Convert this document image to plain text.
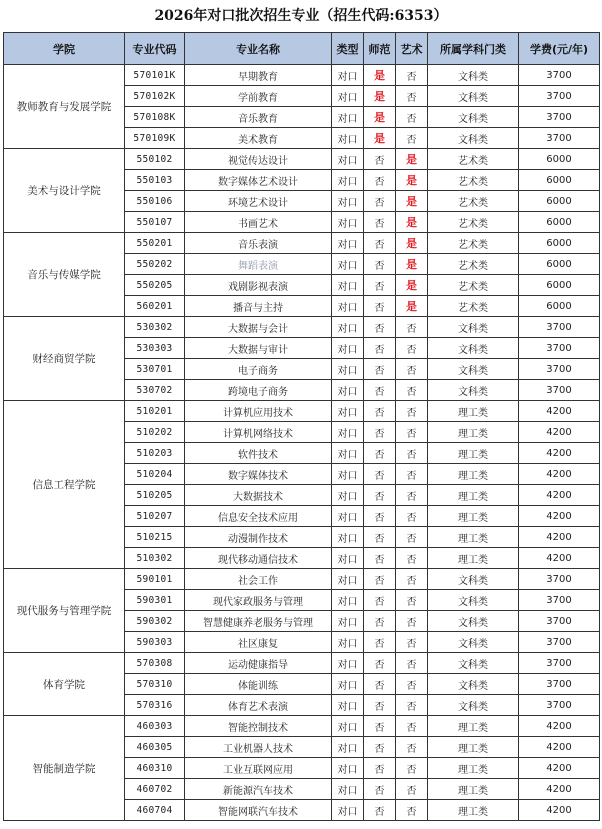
2026年对口批次招生专业（招生代码:6353）
学院	专业代码	专业名称	类型	师范	艺术	所属学科门类	学费(元/年)
教师教育与发展学院	570101K	早期教育	对口	是	否	文科类	3700
	570102K	学前教育	对口	是	否	文科类	3700
	570108K	音乐教育	对口	是	否	文科类	3700
	570109K	美术教育	对口	是	否	文科类	3700
美术与设计学院	550102	视觉传达设计	对口	否	是	艺术类	6000
	550103	数字媒体艺术设计	对口	否	是	艺术类	6000
	550106	环境艺术设计	对口	否	是	艺术类	6000
	550107	书画艺术	对口	否	是	艺术类	6000
音乐与传媒学院	550201	音乐表演	对口	否	是	艺术类	6000
	550202	舞蹈表演	对口	否	是	艺术类	6000
	550205	戏剧影视表演	对口	否	是	艺术类	6000
	560201	播音与主持	对口	否	是	艺术类	6000
财经商贸学院	530302	大数据与会计	对口	否	否	文科类	3700
	530303	大数据与审计	对口	否	否	文科类	3700
	530701	电子商务	对口	否	否	文科类	3700
	530702	跨境电子商务	对口	否	否	文科类	3700
信息工程学院	510201	计算机应用技术	对口	否	否	理工类	4200
	510202	计算机网络技术	对口	否	否	理工类	4200
	510203	软件技术	对口	否	否	理工类	4200
	510204	数字媒体技术	对口	否	否	理工类	4200
	510205	大数据技术	对口	否	否	理工类	4200
	510207	信息安全技术应用	对口	否	否	理工类	4200
	510215	动漫制作技术	对口	否	否	理工类	4200
	510302	现代移动通信技术	对口	否	否	理工类	4200
现代服务与管理学院	590101	社会工作	对口	否	否	文科类	3700
	590301	现代家政服务与管理	对口	否	否	文科类	3700
	590302	智慧健康养老服务与管理	对口	否	否	文科类	3700
	590303	社区康复	对口	否	否	文科类	3700
体育学院	570308	运动健康指导	对口	否	否	文科类	3700
	570310	体能训练	对口	否	否	文科类	3700
	570316	体育艺术表演	对口	否	否	文科类	3700
智能制造学院	460303	智能控制技术	对口	否	否	理工类	4200
	460305	工业机器人技术	对口	否	否	理工类	4200
	460310	工业互联网应用	对口	否	否	理工类	4200
	460702	新能源汽车技术	对口	否	否	理工类	4200
	460704	智能网联汽车技术	对口	否	否	理工类	4200
